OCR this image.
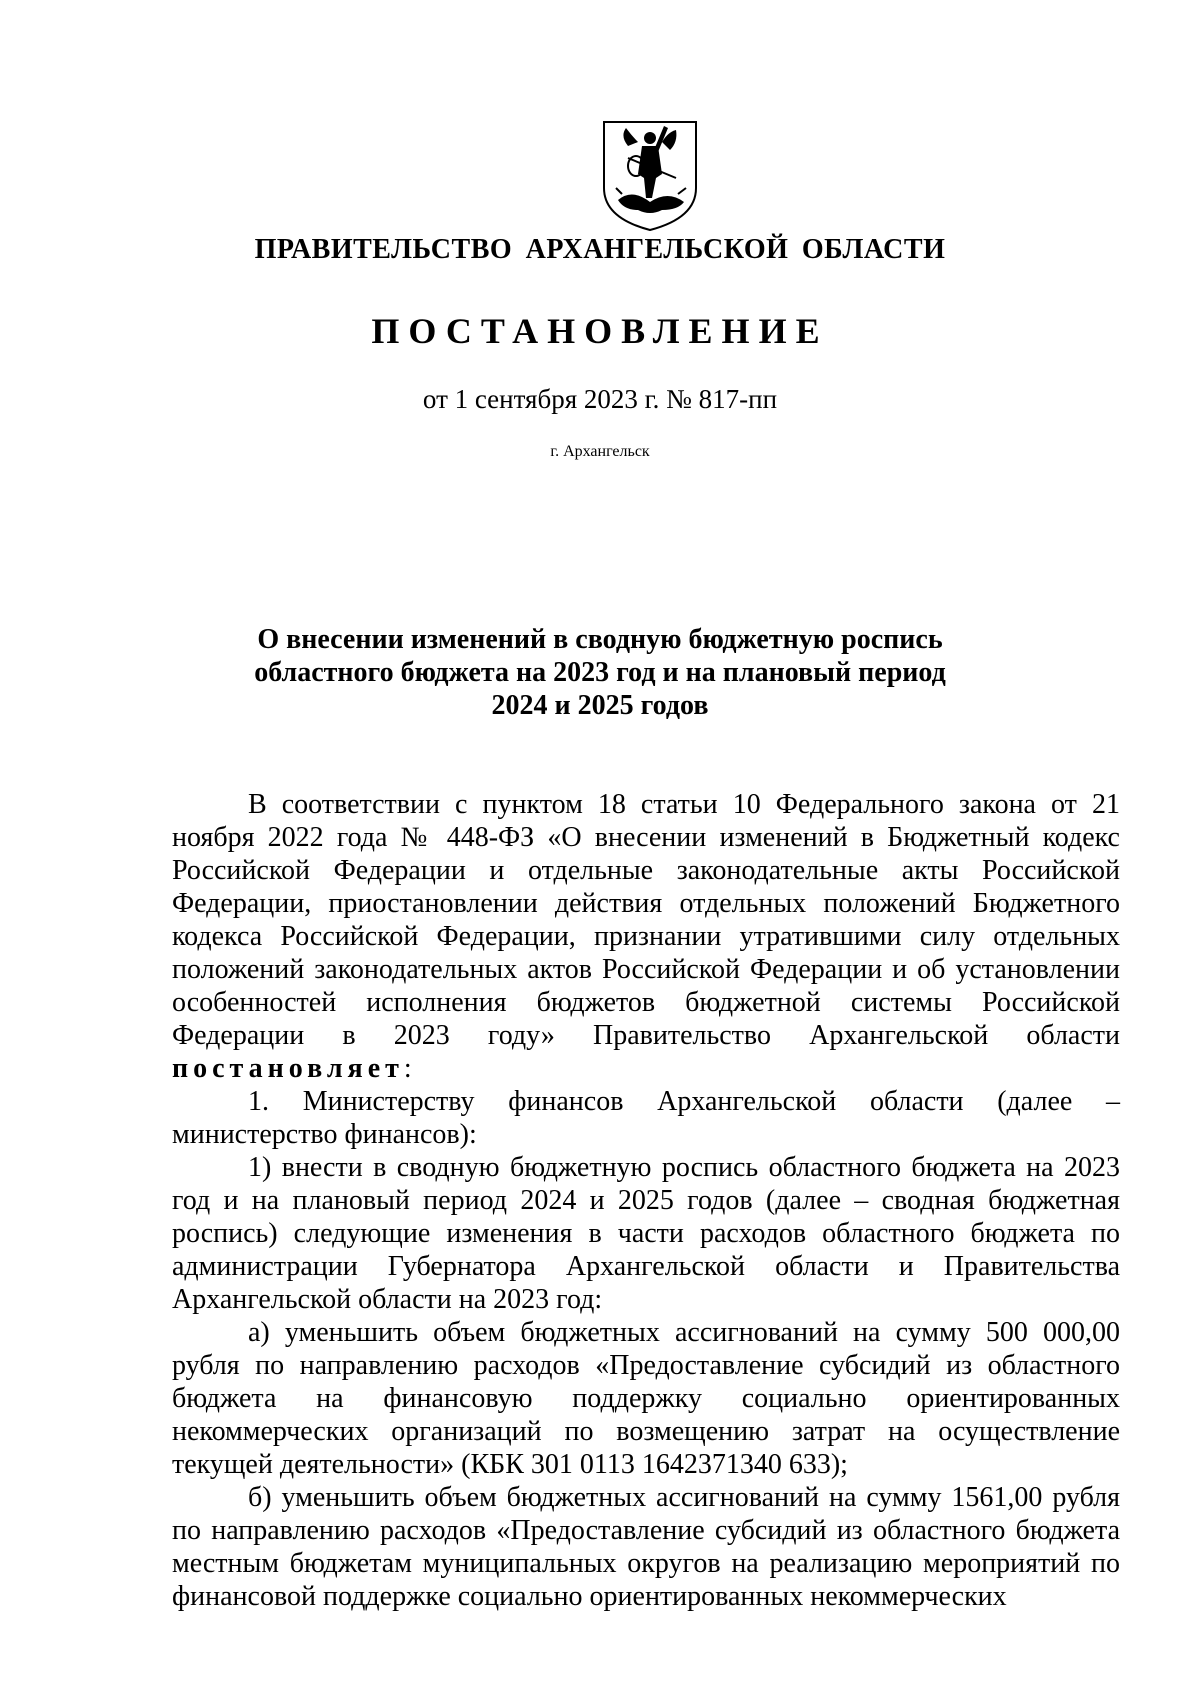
ПРАВИТЕЛЬСТВО АРХАНГЕЛЬСКОЙ ОБЛАСТИ
ПОСТАНОВЛЕНИЕ
от 1 сентября 2023 г. № 817-пп
г. Архангельск
О внесении изменений в сводную бюджетную роспись
областного бюджета на 2023 год и на плановый период
2024 и 2025 годов

В соответствии с пунктом 18 статьи 10 Федерального закона от 21 ноября 2022 года № 448-ФЗ «О внесении изменений в Бюджетный кодекс Российской Федерации и отдельные законодательные акты Российской Федерации, приостановлении действия отдельных положений Бюджетного кодекса Российской Федерации, признании утратившими силу отдельных положений законодательных актов Российской Федерации и об установлении особенностей исполнения бюджетов бюджетной системы Российской Федерации в 2023 году» Правительство Архангельской области постановляет:

1. Министерству финансов Архангельской области (далее – министерство финансов):

1) внести в сводную бюджетную роспись областного бюджета на 2023 год и на плановый период 2024 и 2025 годов (далее – сводная бюджетная роспись) следующие изменения в части расходов областного бюджета по администрации Губернатора Архангельской области и Правительства Архангельской области на 2023 год:

а) уменьшить объем бюджетных ассигнований на сумму 500 000,00 рубля по направлению расходов «Предоставление субсидий из областного бюджета на финансовую поддержку социально ориентированных некоммерческих организаций по возмещению затрат на осуществление текущей деятельности» (КБК 301 0113 1642371340 633);

б) уменьшить объем бюджетных ассигнований на сумму 1561,00 рубля по направлению расходов «Предоставление субсидий из областного бюджета местным бюджетам муниципальных округов на реализацию мероприятий по финансовой поддержке социально ориентированных некоммерческих
